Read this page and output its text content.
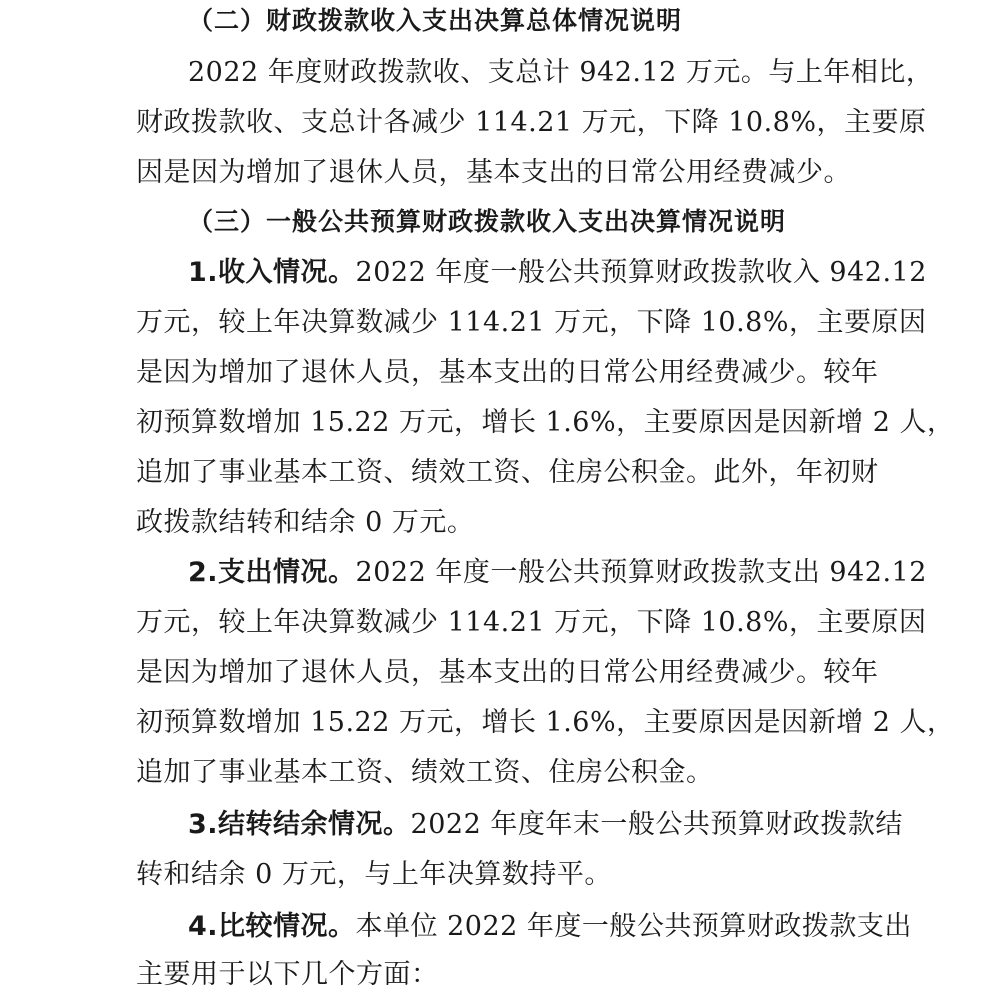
（二）财政拨款收入支出决算总体情况说明
2022 年度财政拨款收、支总计 942.12 万元。与上年相比，
财政拨款收、支总计各减少 114.21 万元，下降 10.8%，主要原
因是因为增加了退休人员，基本支出的日常公用经费减少。
（三）一般公共预算财政拨款收入支出决算情况说明
1.收入情况。2022 年度一般公共预算财政拨款收入 942.12
万元，较上年决算数减少 114.21 万元，下降 10.8%，主要原因
是因为增加了退休人员，基本支出的日常公用经费减少。较年
初预算数增加 15.22 万元，增长 1.6%，主要原因是因新增 2 人，
追加了事业基本工资、绩效工资、住房公积金。此外，年初财
政拨款结转和结余 0 万元。
2.支出情况。2022 年度一般公共预算财政拨款支出 942.12
万元，较上年决算数减少 114.21 万元，下降 10.8%，主要原因
是因为增加了退休人员，基本支出的日常公用经费减少。较年
初预算数增加 15.22 万元，增长 1.6%，主要原因是因新增 2 人，
追加了事业基本工资、绩效工资、住房公积金。
3.结转结余情况。2022 年度年末一般公共预算财政拨款结
转和结余 0 万元，与上年决算数持平。
4.比较情况。本单位 2022 年度一般公共预算财政拨款支出
主要用于以下几个方面：
